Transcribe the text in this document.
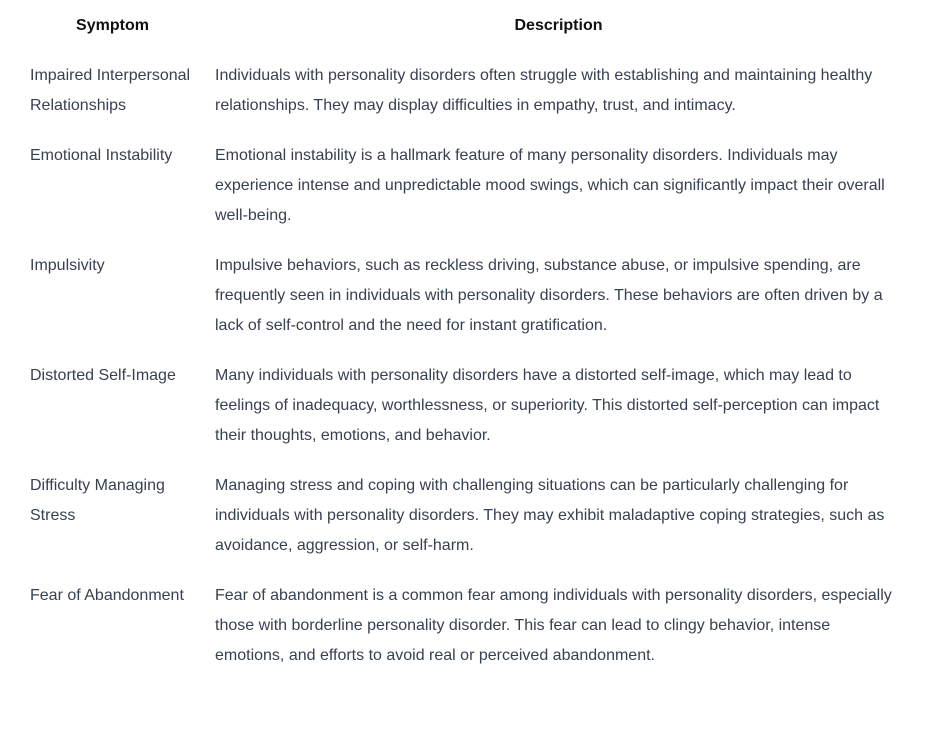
Symptom	Description
Impaired Interpersonal Relationships	Individuals with personality disorders often struggle with establishing and maintaining healthy relationships. They may display difficulties in empathy, trust, and intimacy.
Emotional Instability	Emotional instability is a hallmark feature of many personality disorders. Individuals may experience intense and unpredictable mood swings, which can significantly impact their overall well-being.
Impulsivity	Impulsive behaviors, such as reckless driving, substance abuse, or impulsive spending, are frequently seen in individuals with personality disorders. These behaviors are often driven by a lack of self-control and the need for instant gratification.
Distorted Self-Image	Many individuals with personality disorders have a distorted self-image, which may lead to feelings of inadequacy, worthlessness, or superiority. This distorted self-perception can impact their thoughts, emotions, and behavior.
Difficulty Managing Stress	Managing stress and coping with challenging situations can be particularly challenging for individuals with personality disorders. They may exhibit maladaptive coping strategies, such as avoidance, aggression, or self-harm.
Fear of Abandonment	Fear of abandonment is a common fear among individuals with personality disorders, especially those with borderline personality disorder. This fear can lead to clingy behavior, intense emotions, and efforts to avoid real or perceived abandonment.
